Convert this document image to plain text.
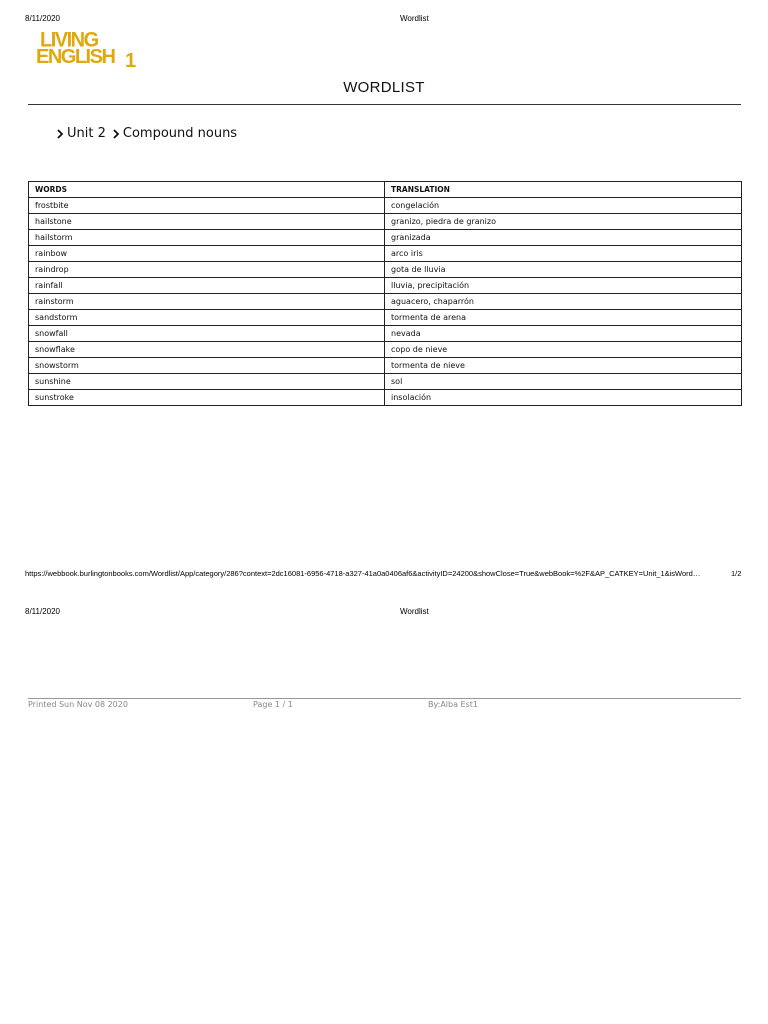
8/11/2020	Wordlist
LIVING
ENGLISH 1
WORDLIST
Unit 2 Compound nouns
WORDS	TRANSLATION
frostbite	congelación
hailstone	granizo, piedra de granizo
hailstorm	granizada
rainbow	arco iris
raindrop	gota de lluvia
rainfall	lluvia, precipitación
rainstorm	aguacero, chaparrón
sandstorm	tormenta de arena
snowfall	nevada
snowflake	copo de nieve
snowstorm	tormenta de nieve
sunshine	sol
sunstroke	insolación
https://webbook.burlingtonbooks.com/Wordlist/App/category/286?context=2dc16081-6956-4718-a327-41a0a0406af6&activityID=24200&showClose=True&webBook=%2F&AP_CATKEY=Unit_1&isWord…	1/2
8/11/2020	Wordlist
Printed Sun Nov 08 2020	Page 1 / 1	By:Alba Est1
